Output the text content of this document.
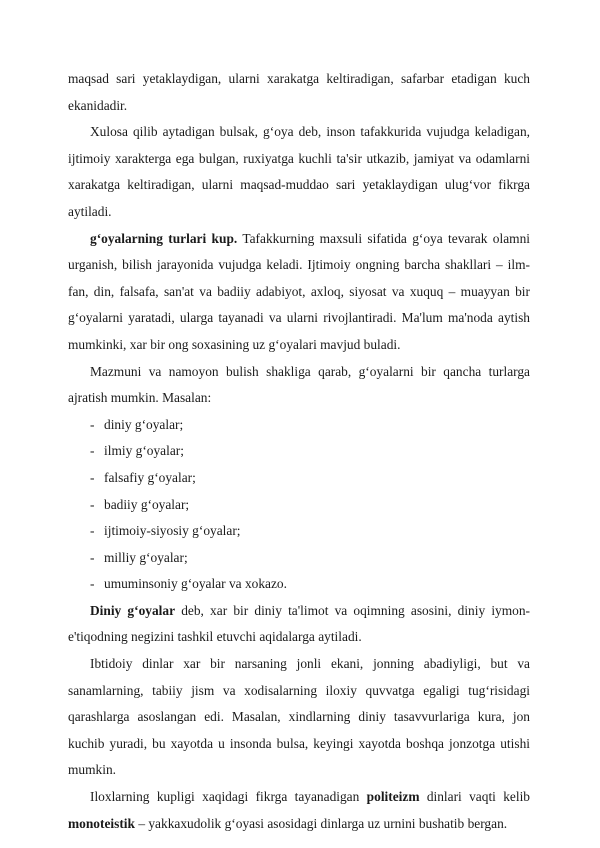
maqsad sari yetaklaydigan, ularni xarakatga keltiradigan, safarbar etadigan kuch ekanidadir.

Xulosa qilib aytadigan bulsak, g‘oya deb, inson tafakkurida vujudga keladigan, ijtimoiy xarakterga ega bulgan, ruxiyatga kuchli ta'sir utkazib, jamiyat va odamlarni xarakatga keltiradigan, ularni maqsad-muddao sari yetaklaydigan ulug‘vor fikrga aytiladi.

g‘oyalarning turlari kup. Tafakkurning maxsuli sifatida g‘oya tevarak olamni urganish, bilish jarayonida vujudga keladi. Ijtimoiy ongning barcha shakllari – ilm-fan, din, falsafa, san'at va badiiy adabiyot, axloq, siyosat va xuquq – muayyan bir g‘oyalarni yaratadi, ularga tayanadi va ularni rivojlantiradi. Ma'lum ma'noda aytish mumkinki, xar bir ong soxasining uz g‘oyalari mavjud buladi.

Mazmuni va namoyon bulish shakliga qarab, g‘oyalarni bir qancha turlarga ajratish mumkin. Masalan:

- diniy g‘oyalar;
- ilmiy g‘oyalar;
- falsafiy g‘oyalar;
- badiiy g‘oyalar;
- ijtimoiy-siyosiy g‘oyalar;
- milliy g‘oyalar;
- umuminsoniy g‘oyalar va xokazo.

Diniy g‘oyalar deb, xar bir diniy ta'limot va oqimning asosini, diniy iymon-e'tiqodning negizini tashkil etuvchi aqidalarga aytiladi.

Ibtidoiy dinlar xar bir narsaning jonli ekani, jonning abadiyligi, but va sanamlarning, tabiiy jism va xodisalarning iloxiy quvvatga egaligi tug‘risidagi qarashlarga asoslangan edi. Masalan, xindlarning diniy tasavvurlariga kura, jon kuchib yuradi, bu xayotda u insonda bulsa, keyingi xayotda boshqa jonzotga utishi mumkin.

Iloxlarning kupligi xaqidagi fikrga tayanadigan politeizm dinlari vaqti kelib monoteistik – yakkaxudolik g‘oyasi asosidagi dinlarga uz urnini bushatib bergan.
